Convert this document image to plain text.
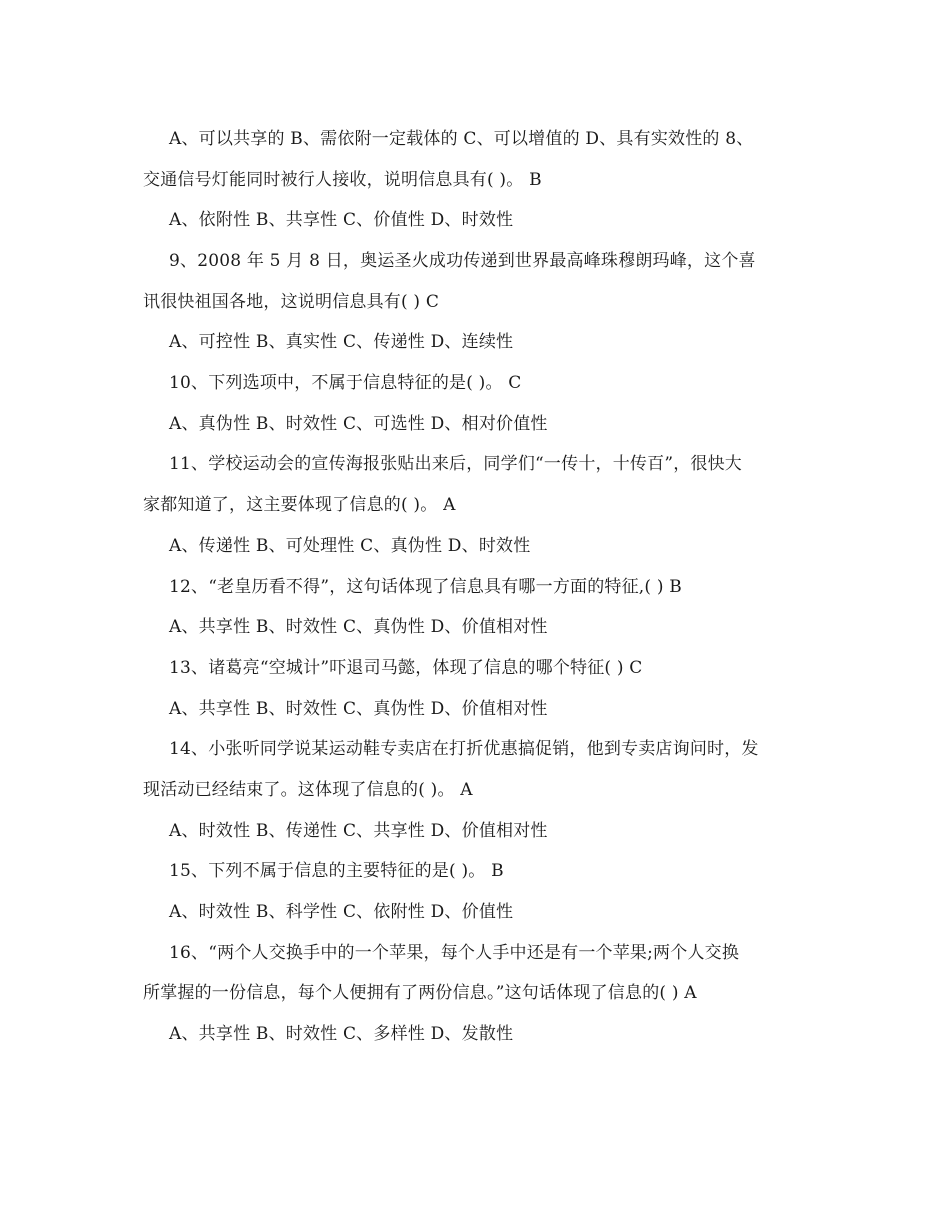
A、可以共享的 B、需依附一定载体的 C、可以增值的 D、具有实效性的 8、
交通信号灯能同时被行人接收，说明信息具有( )。 B
A、依附性 B、共享性 C、价值性 D、时效性
9、2008 年 5 月 8 日，奥运圣火成功传递到世界最高峰珠穆朗玛峰，这个喜
讯很快祖国各地，这说明信息具有( ) C
A、可控性 B、真实性 C、传递性 D、连续性
10、下列选项中，不属于信息特征的是( )。 C
A、真伪性 B、时效性 C、可选性 D、相对价值性
11、学校运动会的宣传海报张贴出来后，同学们“一传十，十传百”，很快大
家都知道了，这主要体现了信息的( )。 A
A、传递性 B、可处理性 C、真伪性 D、时效性
12、“老皇历看不得”，这句话体现了信息具有哪一方面的特征,( ) B
A、共享性 B、时效性 C、真伪性 D、价值相对性
13、诸葛亮“空城计”吓退司马懿，体现了信息的哪个特征( ) C
A、共享性 B、时效性 C、真伪性 D、价值相对性
14、小张听同学说某运动鞋专卖店在打折优惠搞促销，他到专卖店询问时，发
现活动已经结束了。这体现了信息的( )。 A
A、时效性 B、传递性 C、共享性 D、价值相对性
15、下列不属于信息的主要特征的是( )。 B
A、时效性 B、科学性 C、依附性 D、价值性
16、“两个人交换手中的一个苹果，每个人手中还是有一个苹果;两个人交换
所掌握的一份信息，每个人便拥有了两份信息。”这句话体现了信息的( ) A
A、共享性 B、时效性 C、多样性 D、发散性
